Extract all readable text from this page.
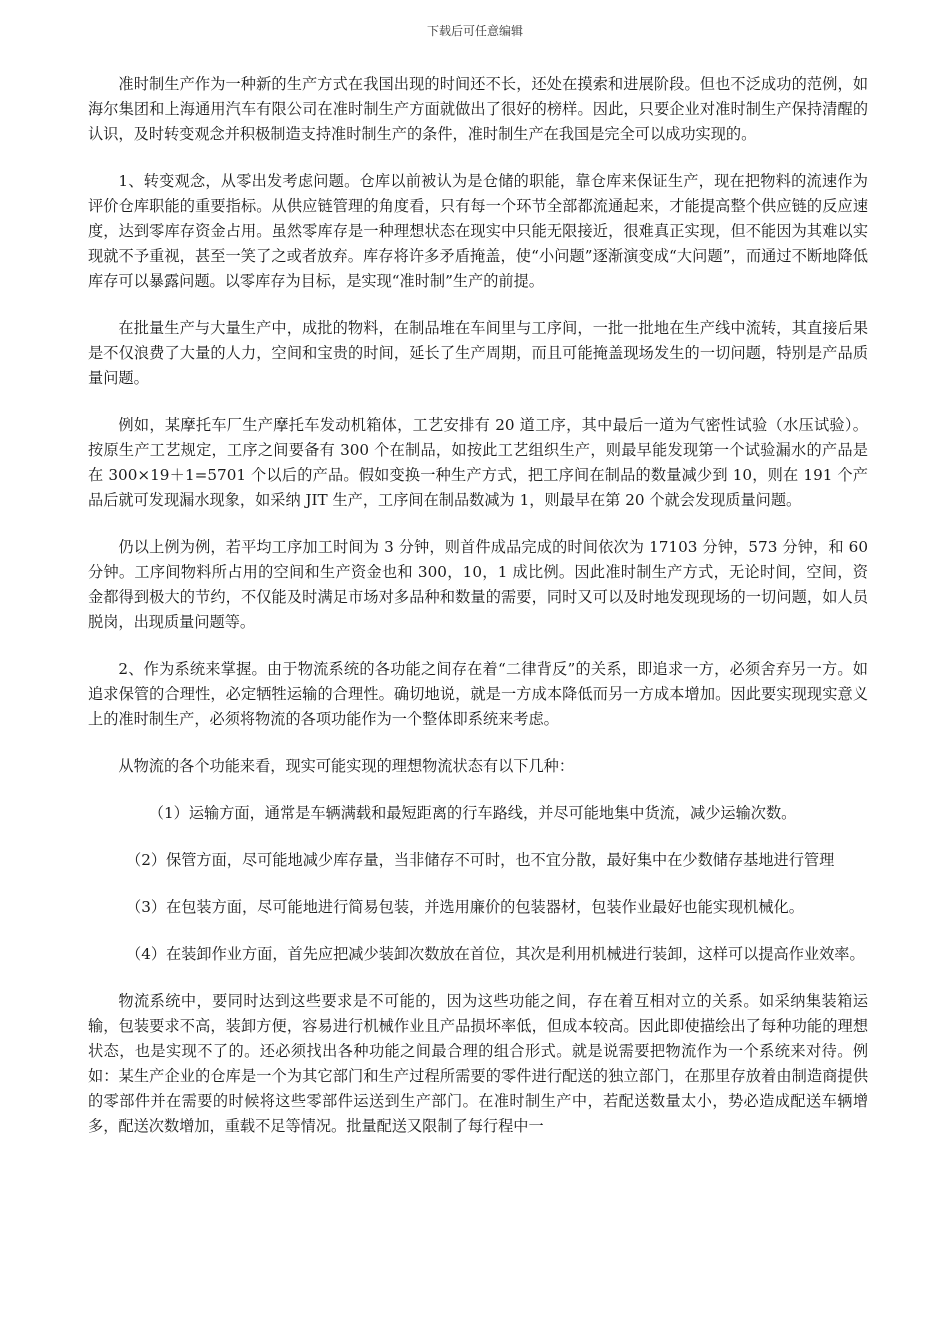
下载后可任意编辑

准时制生产作为一种新的生产方式在我国出现的时间还不长，还处在摸索和进展阶段。但也不泛成功的范例，如海尔集团和上海通用汽车有限公司在准时制生产方面就做出了很好的榜样。因此，只要企业对准时制生产保持清醒的认识，及时转变观念并积极制造支持准时制生产的条件，准时制生产在我国是完全可以成功实现的。

1、转变观念，从零出发考虑问题。仓库以前被认为是仓储的职能，靠仓库来保证生产，现在把物料的流速作为评价仓库职能的重要指标。从供应链管理的角度看，只有每一个环节全部都流通起来，才能提高整个供应链的反应速度，达到零库存资金占用。虽然零库存是一种理想状态在现实中只能无限接近，很难真正实现，但不能因为其难以实现就不予重视，甚至一笑了之或者放弃。库存将许多矛盾掩盖，使“小问题”逐渐演变成“大问题”，而通过不断地降低库存可以暴露问题。以零库存为目标，是实现“准时制”生产的前提。

在批量生产与大量生产中，成批的物料，在制品堆在车间里与工序间，一批一批地在生产线中流转，其直接后果是不仅浪费了大量的人力，空间和宝贵的时间，延长了生产周期，而且可能掩盖现场发生的一切问题，特别是产品质量问题。

例如，某摩托车厂生产摩托车发动机箱体，工艺安排有 20 道工序，其中最后一道为气密性试验（水压试验）。按原生产工艺规定，工序之间要备有 300 个在制品，如按此工艺组织生产，则最早能发现第一个试验漏水的产品是在 300×19＋1=5701 个以后的产品。假如变换一种生产方式，把工序间在制品的数量减少到 10，则在 191 个产品后就可发现漏水现象，如采纳 JIT 生产，工序间在制品数减为 1，则最早在第 20 个就会发现质量问题。

仍以上例为例，若平均工序加工时间为 3 分钟，则首件成品完成的时间依次为 17103 分钟，573 分钟，和 60 分钟。工序间物料所占用的空间和生产资金也和 300，10，1 成比例。因此准时制生产方式，无论时间，空间，资金都得到极大的节约，不仅能及时满足市场对多品种和数量的需要，同时又可以及时地发现现场的一切问题，如人员脱岗，出现质量问题等。

2、作为系统来掌握。由于物流系统的各功能之间存在着“二律背反”的关系，即追求一方，必须舍弃另一方。如追求保管的合理性，必定牺牲运输的合理性。确切地说，就是一方成本降低而另一方成本增加。因此要实现现实意义上的准时制生产，必须将物流的各项功能作为一个整体即系统来考虑。

从物流的各个功能来看，现实可能实现的理想物流状态有以下几种：

（1）运输方面，通常是车辆满载和最短距离的行车路线，并尽可能地集中货流，减少运输次数。

（2）保管方面，尽可能地减少库存量，当非储存不可时，也不宜分散，最好集中在少数储存基地进行管理

（3）在包装方面，尽可能地进行简易包装，并选用廉价的包装器材，包装作业最好也能实现机械化。

（4）在装卸作业方面，首先应把减少装卸次数放在首位，其次是利用机械进行装卸，这样可以提高作业效率。

物流系统中，要同时达到这些要求是不可能的，因为这些功能之间，存在着互相对立的关系。如采纳集装箱运输，包装要求不高，装卸方便，容易进行机械作业且产品损坏率低，但成本较高。因此即使描绘出了每种功能的理想状态，也是实现不了的。还必须找出各种功能之间最合理的组合形式。就是说需要把物流作为一个系统来对待。例如：某生产企业的仓库是一个为其它部门和生产过程所需要的零件进行配送的独立部门，在那里存放着由制造商提供的零部件并在需要的时候将这些零部件运送到生产部门。在准时制生产中，若配送数量太小，势必造成配送车辆增多，配送次数增加，重载不足等情况。批量配送又限制了每行程中一
